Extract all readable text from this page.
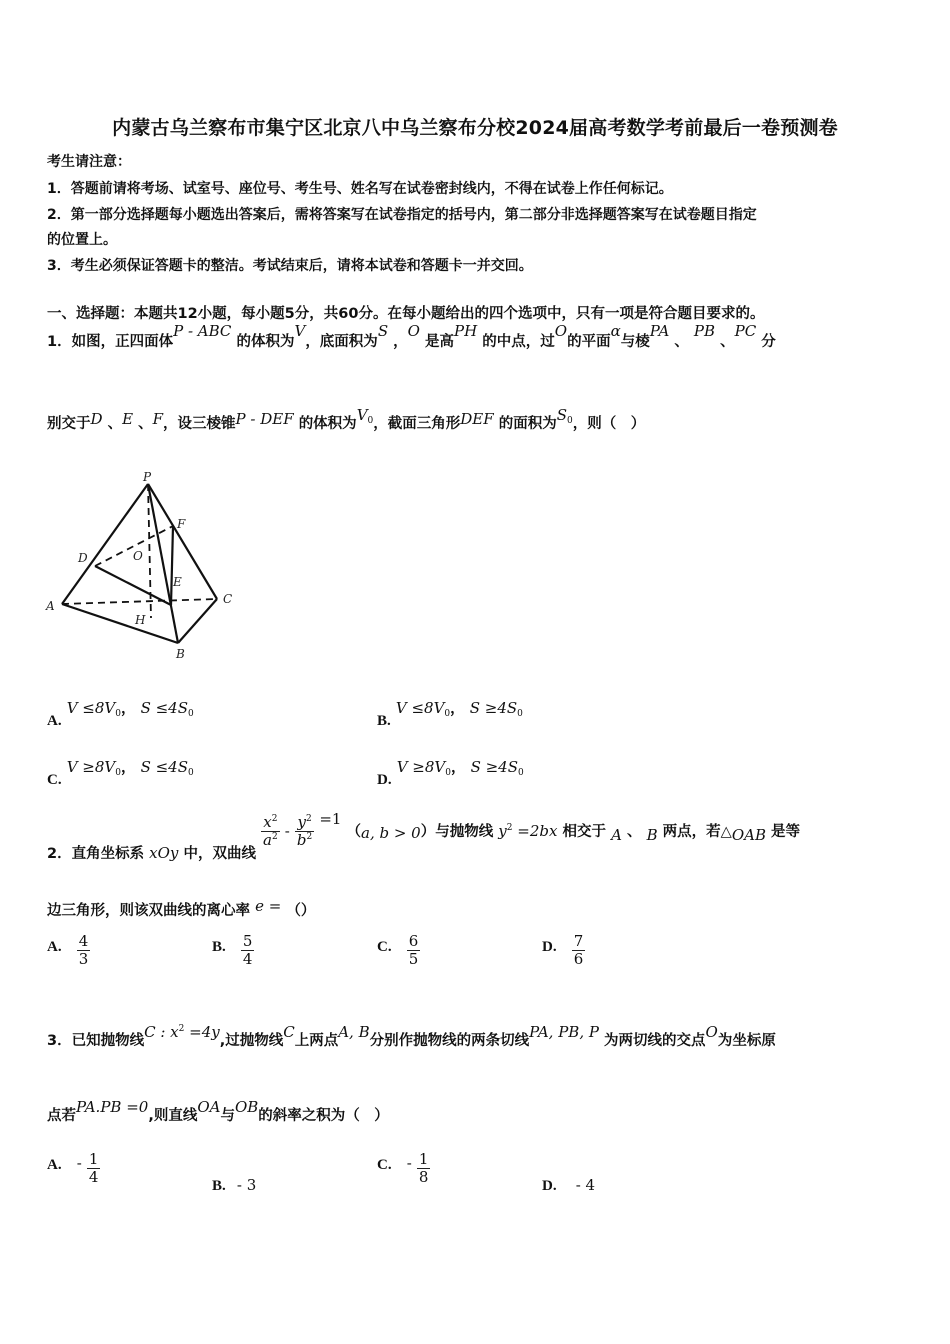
内蒙古乌兰察布市集宁区北京八中乌兰察布分校2024届高考数学考前最后一卷预测卷
考生请注意：
1．答题前请将考场、试室号、座位号、考生号、姓名写在试卷密封线内，不得在试卷上作任何标记。
2．第一部分选择题每小题选出答案后，需将答案写在试卷指定的括号内，第二部分非选择题答案写在试卷题目指定
的位置上。
3．考生必须保证答题卡的整洁。考试结束后，请将本试卷和答题卡一并交回。
一、选择题：本题共12小题，每小题5分，共60分。在每小题给出的四个选项中，只有一项是符合题目要求的。
1．如图，正四面体P - ABC 的体积为V，底面积为S ，O 是高PH 的中点，过O的平面α与棱PA 、 PB 、PC 分
别交于D 、E 、F，设三棱锥P - DEF 的体积为$V_0$，截面三角形DEF 的面积为$S_0$，则（　）
P
F
D	O
E
A	C
H
B
A. $V \le 8V_0$， $S \le 4S_0$	B. $V \le 8V_0$， $S \ge 4S_0$
C. $V \ge 8V_0$， $S \le 4S_0$	D. $V \ge 8V_0$， $S \ge 4S_0$
2．直角坐标系 xOy 中，双曲线
$\frac{x^2}{a^2} - \frac{y^2}{b^2} =1$ （a, b > 0）与抛物线 $y^2 =2bx$ 相交于 A 、 B 两点，若△OAB 是等
边三角形，则该双曲线的离心率 e = （）
A. $\frac{4}{3}$	B. $\frac{5}{4}$	C. $\frac{6}{5}$	D. $\frac{7}{6}$
3．已知抛物线C : $x^2 =4y$,过抛物线C上两点A, B分别作抛物线的两条切线PA, PB, P 为两切线的交点O为坐标原
点若PA.PB =0,则直线OA与OB的斜率之积为（　）
A. - $\frac{1}{4}$	B. - 3
C. - $\frac{1}{8}$	D. - 4
